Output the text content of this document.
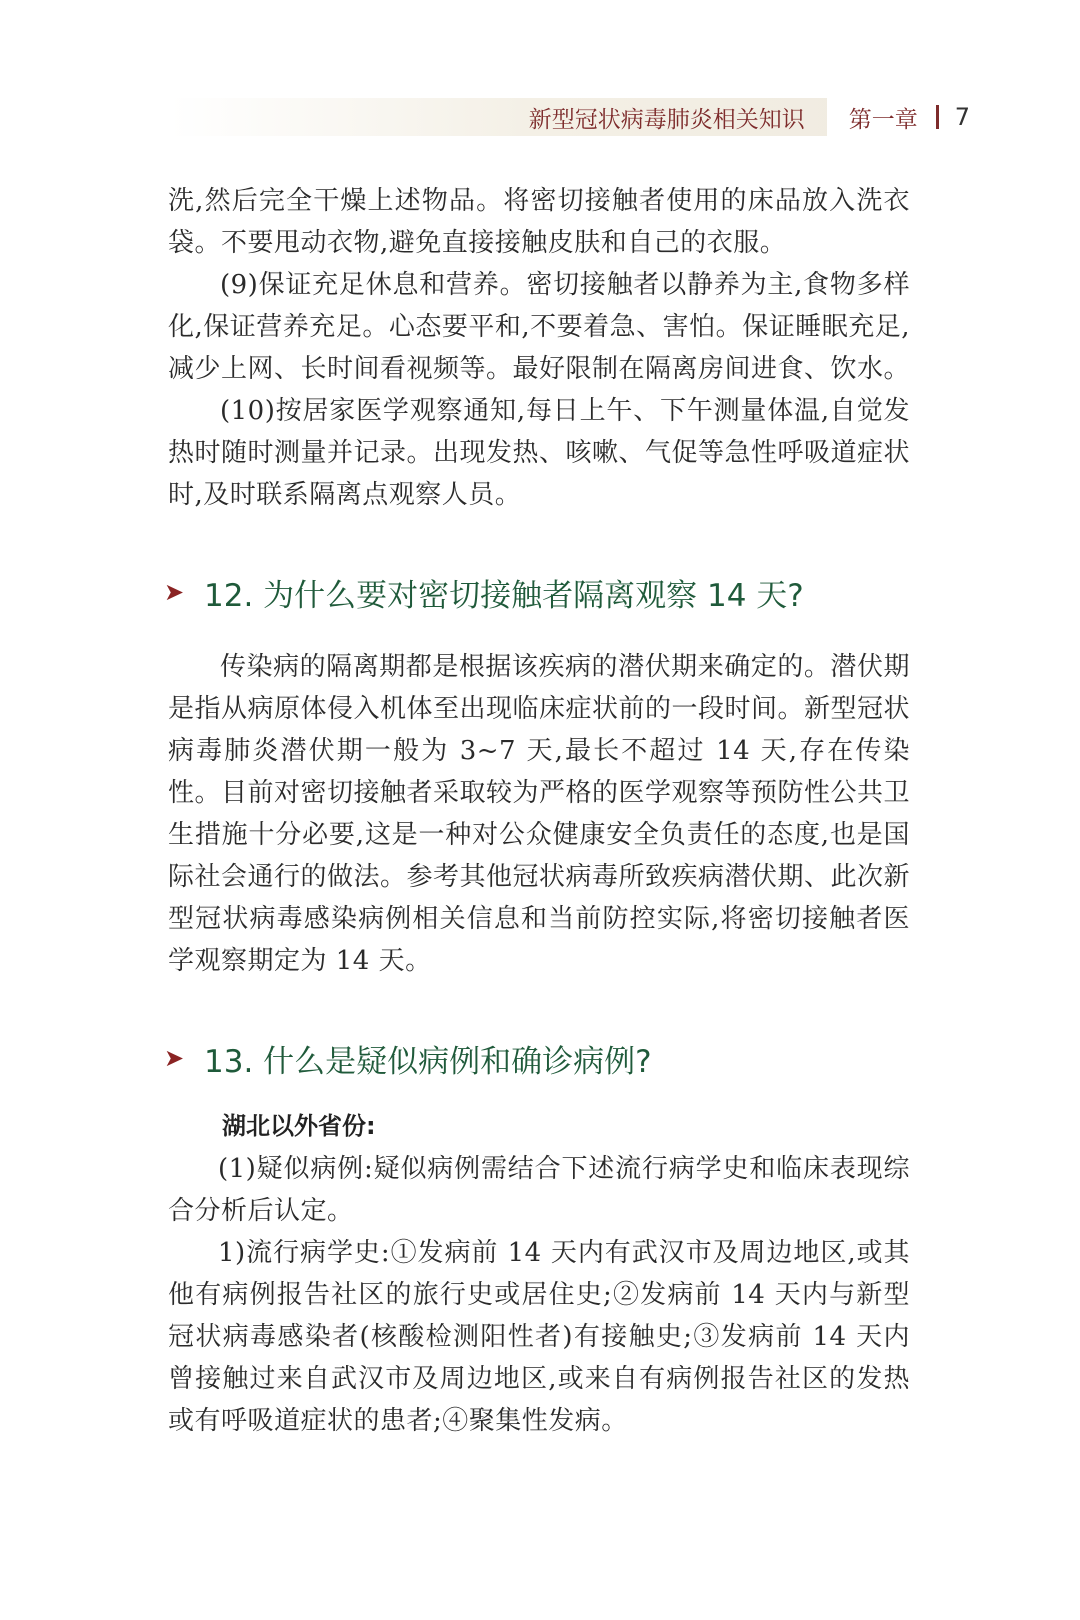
新型冠状病毒肺炎相关知识	第一章 7

洗,然后完全干燥上述物品。将密切接触者使用的床品放入洗衣袋。不要甩动衣物,避免直接接触皮肤和自己的衣服。

(9)保证充足休息和营养。密切接触者以静养为主,食物多样化,保证营养充足。心态要平和,不要着急、害怕。保证睡眠充足,减少上网、长时间看视频等。最好限制在隔离房间进食、饮水。

(10)按居家医学观察通知,每日上午、下午测量体温,自觉发热时随时测量并记录。出现发热、咳嗽、气促等急性呼吸道症状时,及时联系隔离点观察人员。

➤ 12. 为什么要对密切接触者隔离观察 14 天?

传染病的隔离期都是根据该疾病的潜伏期来确定的。潜伏期是指从病原体侵入机体至出现临床症状前的一段时间。新型冠状病毒肺炎潜伏期一般为 3~7 天,最长不超过 14 天,存在传染性。目前对密切接触者采取较为严格的医学观察等预防性公共卫生措施十分必要,这是一种对公众健康安全负责任的态度,也是国际社会通行的做法。参考其他冠状病毒所致疾病潜伏期、此次新型冠状病毒感染病例相关信息和当前防控实际,将密切接触者医学观察期定为 14 天。

➤ 13. 什么是疑似病例和确诊病例?

湖北以外省份:

(1)疑似病例:疑似病例需结合下述流行病学史和临床表现综合分析后认定。

1)流行病学史:①发病前 14 天内有武汉市及周边地区,或其他有病例报告社区的旅行史或居住史;②发病前 14 天内与新型冠状病毒感染者(核酸检测阳性者)有接触史;③发病前 14 天内曾接触过来自武汉市及周边地区,或来自有病例报告社区的发热或有呼吸道症状的患者;④聚集性发病。
